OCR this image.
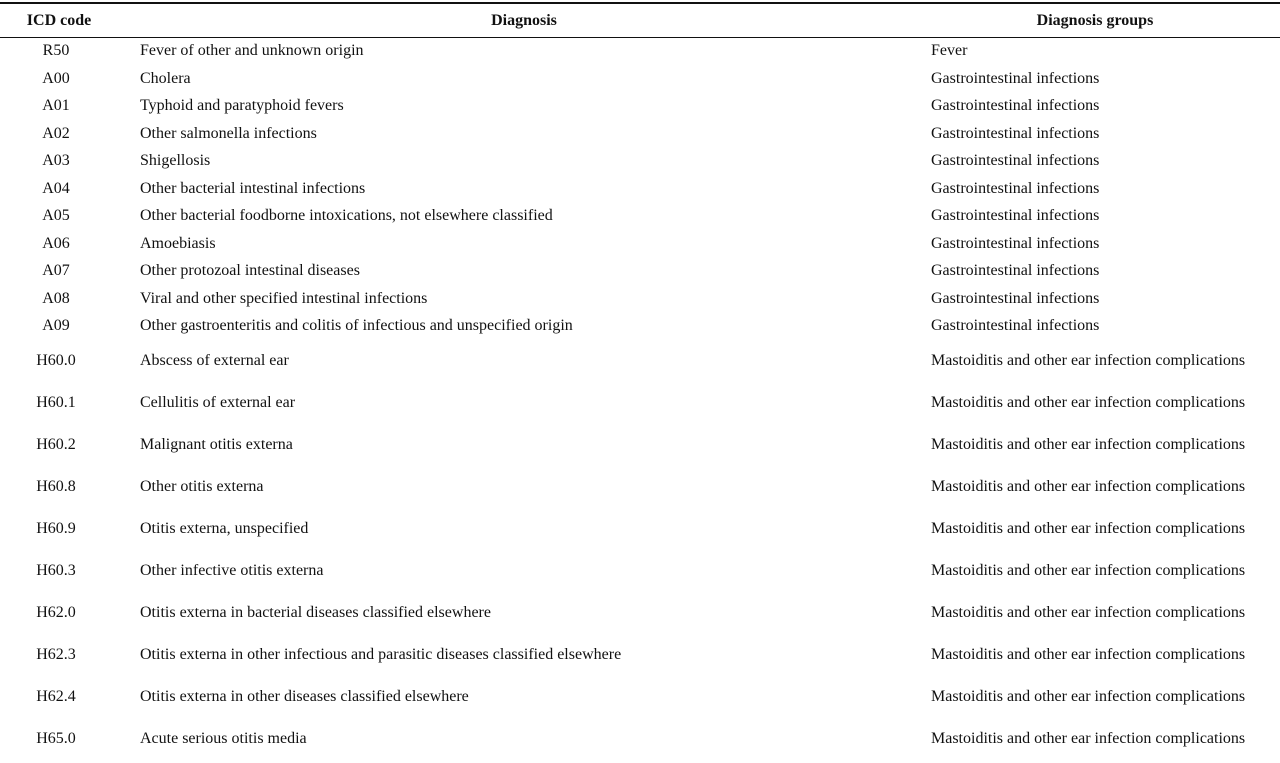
ICD code	Diagnosis	Diagnosis groups
R50	Fever of other and unknown origin	Fever
A00	Cholera	Gastrointestinal infections
A01	Typhoid and paratyphoid fevers	Gastrointestinal infections
A02	Other salmonella infections	Gastrointestinal infections
A03	Shigellosis	Gastrointestinal infections
A04	Other bacterial intestinal infections	Gastrointestinal infections
A05	Other bacterial foodborne intoxications, not elsewhere classified	Gastrointestinal infections
A06	Amoebiasis	Gastrointestinal infections
A07	Other protozoal intestinal diseases	Gastrointestinal infections
A08	Viral and other specified intestinal infections	Gastrointestinal infections
A09	Other gastroenteritis and colitis of infectious and unspecified origin	Gastrointestinal infections
H60.0	Abscess of external ear	Mastoiditis and other ear infection complications
H60.1	Cellulitis of external ear	Mastoiditis and other ear infection complications
H60.2	Malignant otitis externa	Mastoiditis and other ear infection complications
H60.8	Other otitis externa	Mastoiditis and other ear infection complications
H60.9	Otitis externa, unspecified	Mastoiditis and other ear infection complications
H60.3	Other infective otitis externa	Mastoiditis and other ear infection complications
H62.0	Otitis externa in bacterial diseases classified elsewhere	Mastoiditis and other ear infection complications
H62.3	Otitis externa in other infectious and parasitic diseases classified elsewhere	Mastoiditis and other ear infection complications
H62.4	Otitis externa in other diseases classified elsewhere	Mastoiditis and other ear infection complications
H65.0	Acute serious otitis media	Mastoiditis and other ear infection complications
